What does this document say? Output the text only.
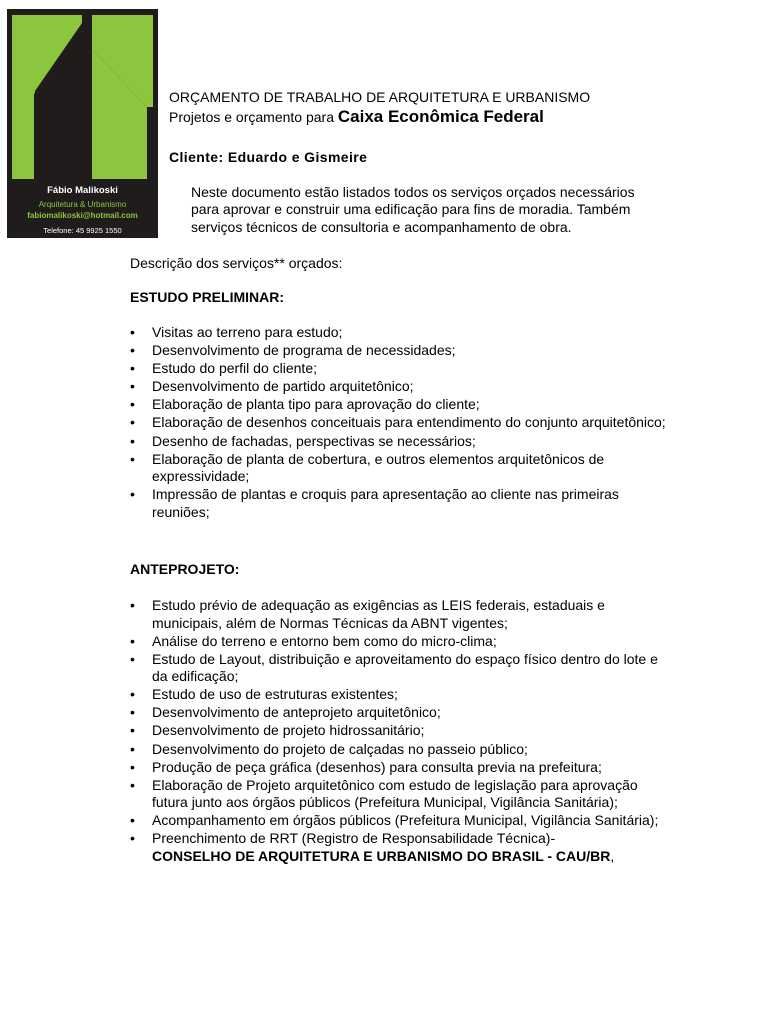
Fábio Malikoski
Arquitetura & Urbanismo
fabiomalikoski@hotmail.com
Telefone: 45 9925 1550
ORÇAMENTO DE TRABALHO DE ARQUITETURA E URBANISMO
Projetos e orçamento para Caixa Econômica Federal
Cliente: Eduardo e Gismeire
Neste documento estão listados todos os serviços orçados necessários para aprovar e construir uma edificação para fins de moradia. Também serviços técnicos de consultoria e acompanhamento de obra.
Descrição dos serviços** orçados:
ESTUDO PRELIMINAR:
• Visitas ao terreno para estudo;
• Desenvolvimento de programa de necessidades;
• Estudo do perfil do cliente;
• Desenvolvimento de partido arquitetônico;
• Elaboração de planta tipo para aprovação do cliente;
• Elaboração de desenhos conceituais para entendimento do conjunto arquitetônico;
• Desenho de fachadas, perspectivas se necessários;
• Elaboração de planta de cobertura, e outros elementos arquitetônicos de expressividade;
• Impressão de plantas e croquis para apresentação ao cliente nas primeiras reuniões;
ANTEPROJETO:
• Estudo prévio de adequação as exigências as LEIS federais, estaduais e municipais, além de Normas Técnicas da ABNT vigentes;
• Análise do terreno e entorno bem como do micro-clima;
• Estudo de Layout, distribuição e aproveitamento do espaço físico dentro do lote e da edificação;
• Estudo de uso de estruturas existentes;
• Desenvolvimento de anteprojeto arquitetônico;
• Desenvolvimento de projeto hidrossanitário;
• Desenvolvimento do projeto de calçadas no passeio público;
• Produção de peça gráfica (desenhos) para consulta previa na prefeitura;
• Elaboração de Projeto arquitetônico com estudo de legislação para aprovação futura junto aos órgãos públicos (Prefeitura Municipal, Vigilância Sanitária);
• Acompanhamento em órgãos públicos (Prefeitura Municipal, Vigilância Sanitária);
• Preenchimento de RRT (Registro de Responsabilidade Técnica)-
CONSELHO DE ARQUITETURA E URBANISMO DO BRASIL - CAU/BR,
